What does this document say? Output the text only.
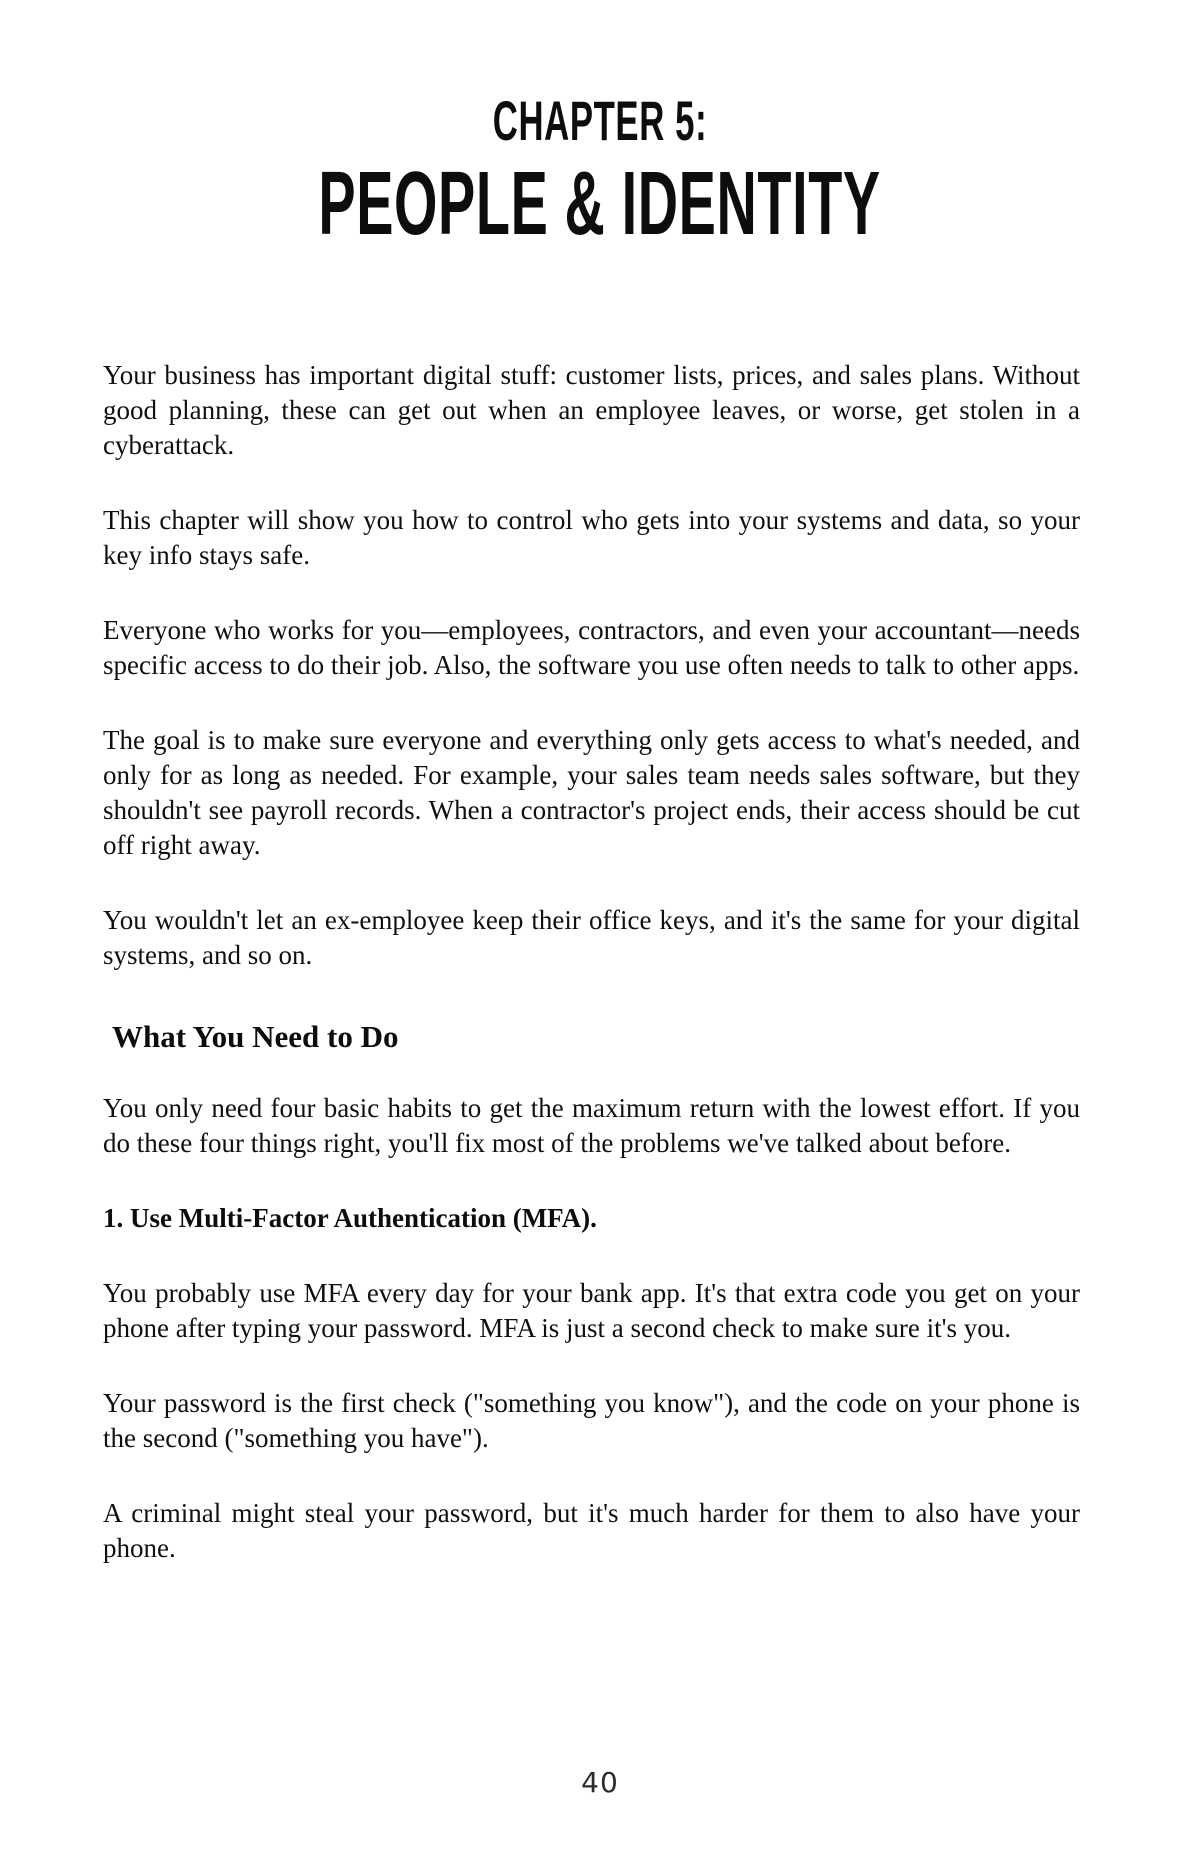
CHAPTER 5:
PEOPLE & IDENTITY

Your business has important digital stuff: customer lists, prices, and sales plans. Without good planning, these can get out when an employee leaves, or worse, get stolen in a cyberattack.

This chapter will show you how to control who gets into your systems and data, so your key info stays safe.

Everyone who works for you—employees, contractors, and even your accountant—needs specific access to do their job. Also, the software you use often needs to talk to other apps.

The goal is to make sure everyone and everything only gets access to what's needed, and only for as long as needed. For example, your sales team needs sales software, but they shouldn't see payroll records. When a contractor's project ends, their access should be cut off right away.

You wouldn't let an ex-employee keep their office keys, and it's the same for your digital systems, and so on.

What You Need to Do

You only need four basic habits to get the maximum return with the lowest effort. If you do these four things right, you'll fix most of the problems we've talked about before.

1. Use Multi-Factor Authentication (MFA).

You probably use MFA every day for your bank app. It's that extra code you get on your phone after typing your password. MFA is just a second check to make sure it's you.

Your password is the first check ("something you know"), and the code on your phone is the second ("something you have").

A criminal might steal your password, but it's much harder for them to also have your phone.

40
